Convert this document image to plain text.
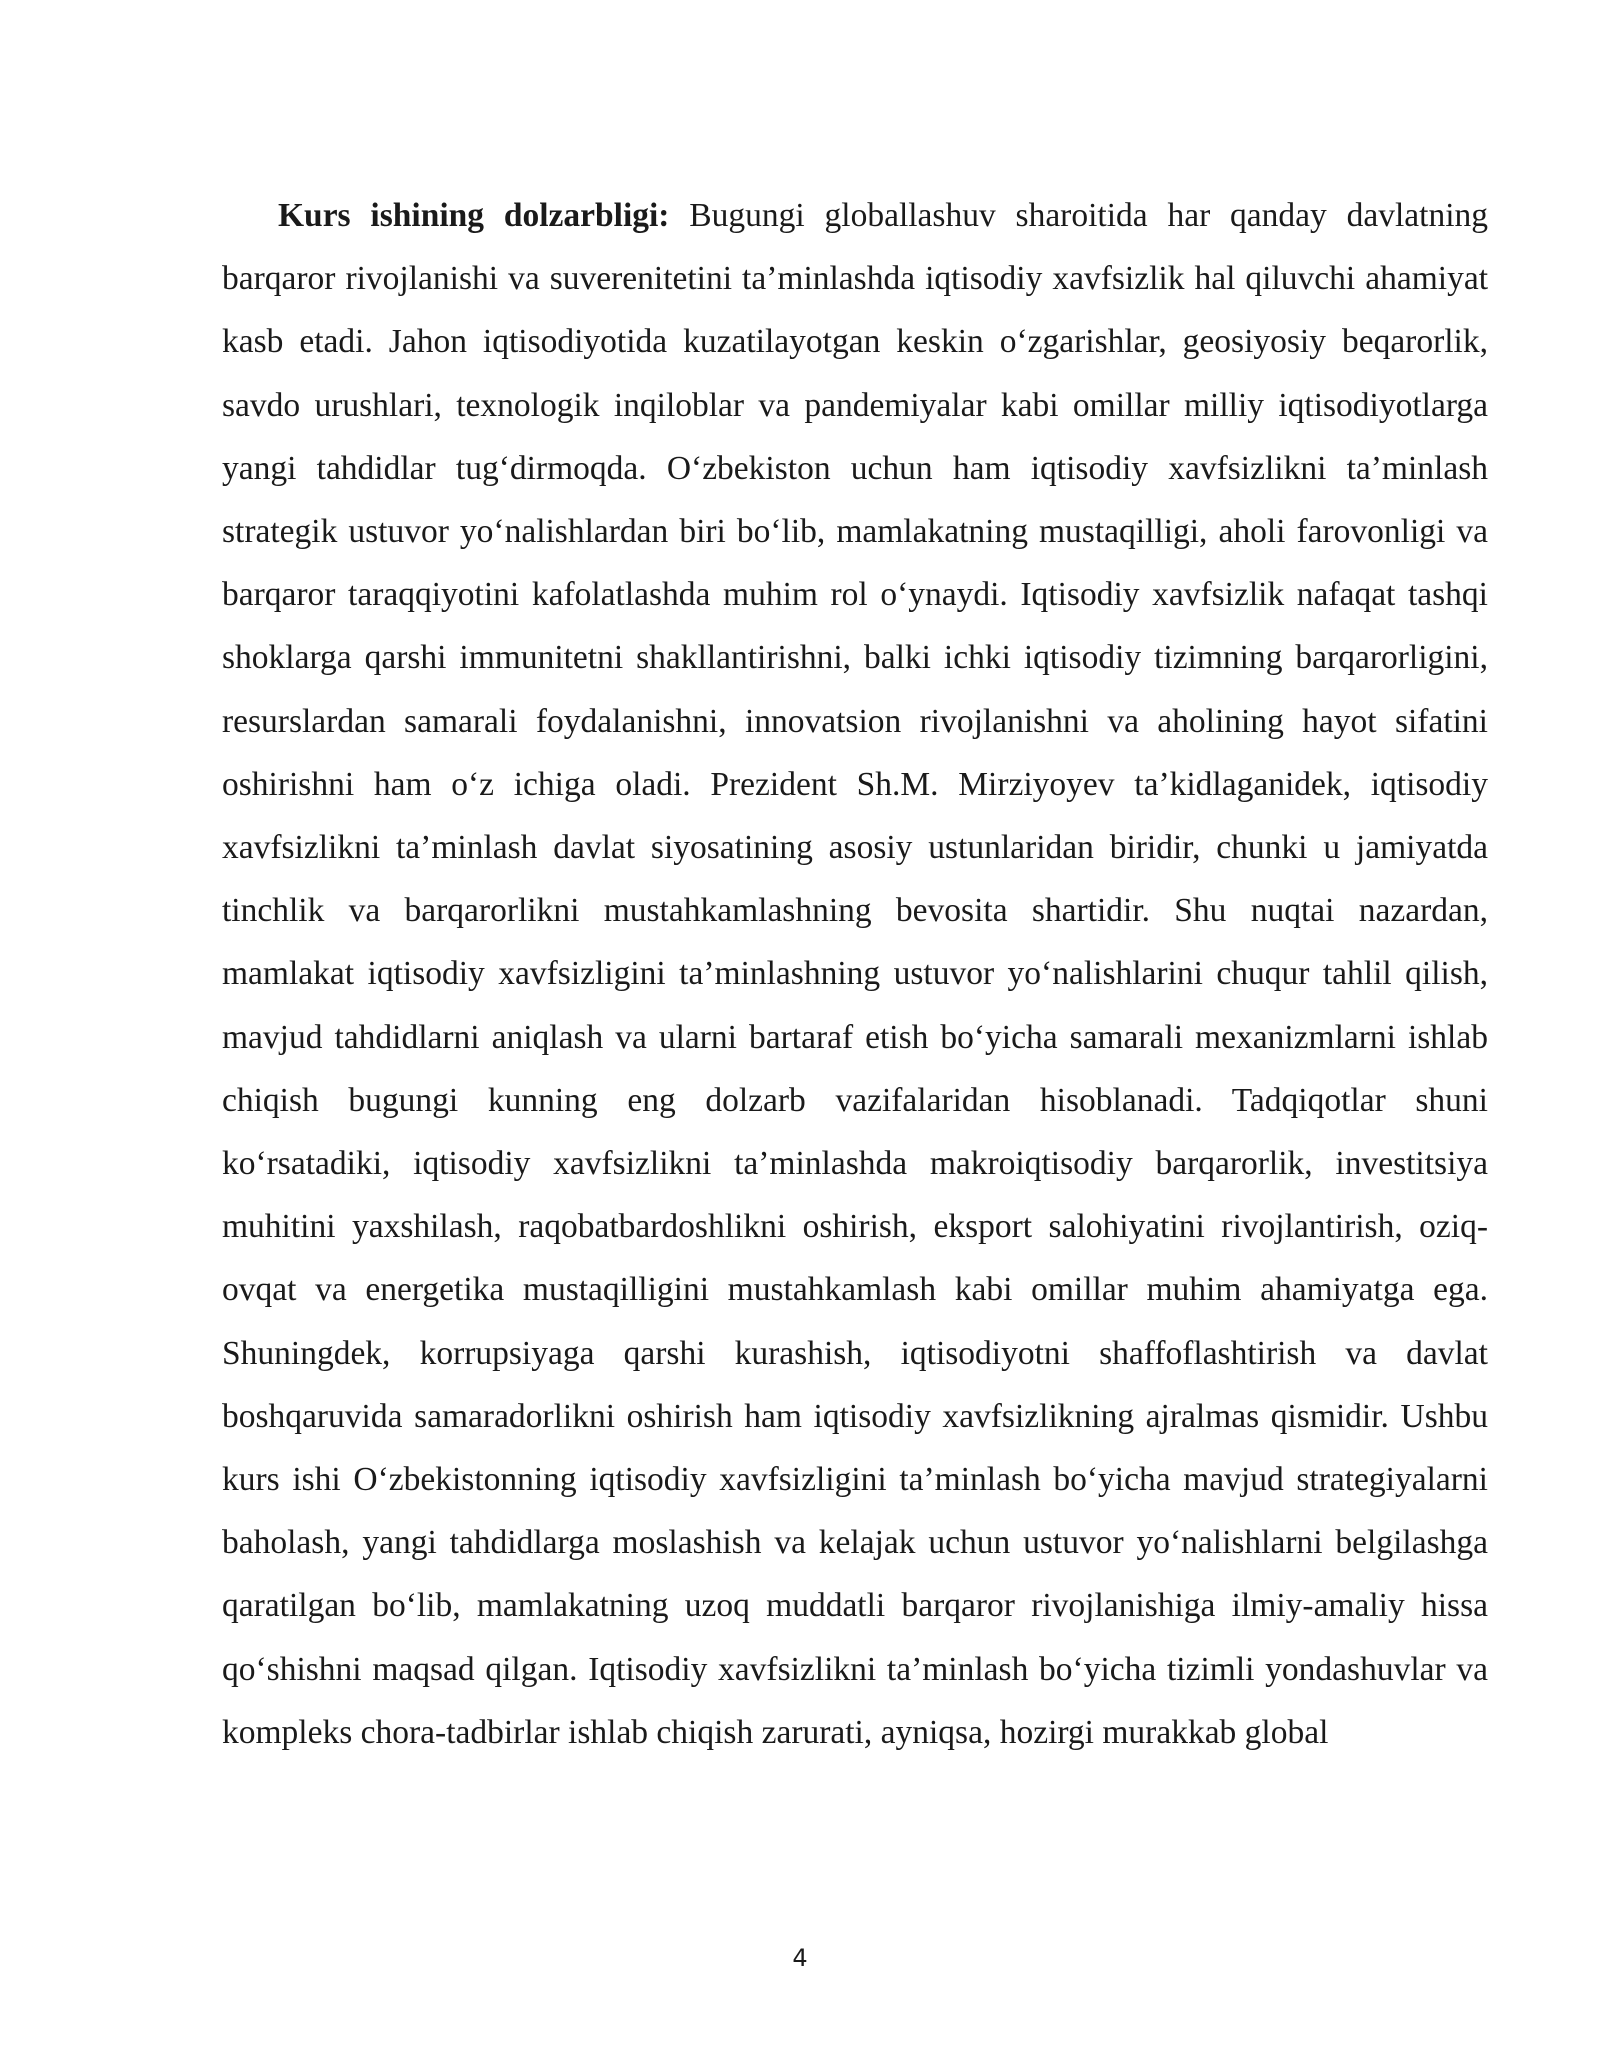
Kurs ishining dolzarbligi: Bugungi globallashuv sharoitida har qanday davlatning barqaror rivojlanishi va suverenitetini ta’minlashda iqtisodiy xavfsizlik hal qiluvchi ahamiyat kasb etadi. Jahon iqtisodiyotida kuzatilayotgan keskin o‘zgarishlar, geosiyosiy beqarorlik, savdo urushlari, texnologik inqiloblar va pandemiyalar kabi omillar milliy iqtisodiyotlarga yangi tahdidlar tug‘dirmoqda. O‘zbekiston uchun ham iqtisodiy xavfsizlikni ta’minlash strategik ustuvor yo‘nalishlardan biri bo‘lib, mamlakatning mustaqilligi, aholi farovonligi va barqaror taraqqiyotini kafolatlashda muhim rol o‘ynaydi. Iqtisodiy xavfsizlik nafaqat tashqi shoklarga qarshi immunitetni shakllantirishni, balki ichki iqtisodiy tizimning barqarorligini, resurslardan samarali foydalanishni, innovatsion rivojlanishni va aholining hayot sifatini oshirishni ham o‘z ichiga oladi. Prezident Sh.M. Mirziyoyev ta’kidlaganidek, iqtisodiy xavfsizlikni ta’minlash davlat siyosatining asosiy ustunlaridan biridir, chunki u jamiyatda tinchlik va barqarorlikni mustahkamlashning bevosita shartidir. Shu nuqtai nazardan, mamlakat iqtisodiy xavfsizligini ta’minlashning ustuvor yo‘nalishlarini chuqur tahlil qilish, mavjud tahdidlarni aniqlash va ularni bartaraf etish bo‘yicha samarali mexanizmlarni ishlab chiqish bugungi kunning eng dolzarb vazifalaridan hisoblanadi. Tadqiqotlar shuni ko‘rsatadiki, iqtisodiy xavfsizlikni ta’minlashda makroiqtisodiy barqarorlik, investitsiya muhitini yaxshilash, raqobatbardoshlikni oshirish, eksport salohiyatini rivojlantirish, oziq-ovqat va energetika mustaqilligini mustahkamlash kabi omillar muhim ahamiyatga ega. Shuningdek, korrupsiyaga qarshi kurashish, iqtisodiyotni shaffoflashtirish va davlat boshqaruvida samaradorlikni oshirish ham iqtisodiy xavfsizlikning ajralmas qismidir. Ushbu kurs ishi O‘zbekistonning iqtisodiy xavfsizligini ta’minlash bo‘yicha mavjud strategiyalarni baholash, yangi tahdidlarga moslashish va kelajak uchun ustuvor yo‘nalishlarni belgilashga qaratilgan bo‘lib, mamlakatning uzoq muddatli barqaror rivojlanishiga ilmiy-amaliy hissa qo‘shishni maqsad qilgan. Iqtisodiy xavfsizlikni ta’minlash bo‘yicha tizimli yondashuvlar va kompleks chora-tadbirlar ishlab chiqish zarurati, ayniqsa, hozirgi murakkab global

4
